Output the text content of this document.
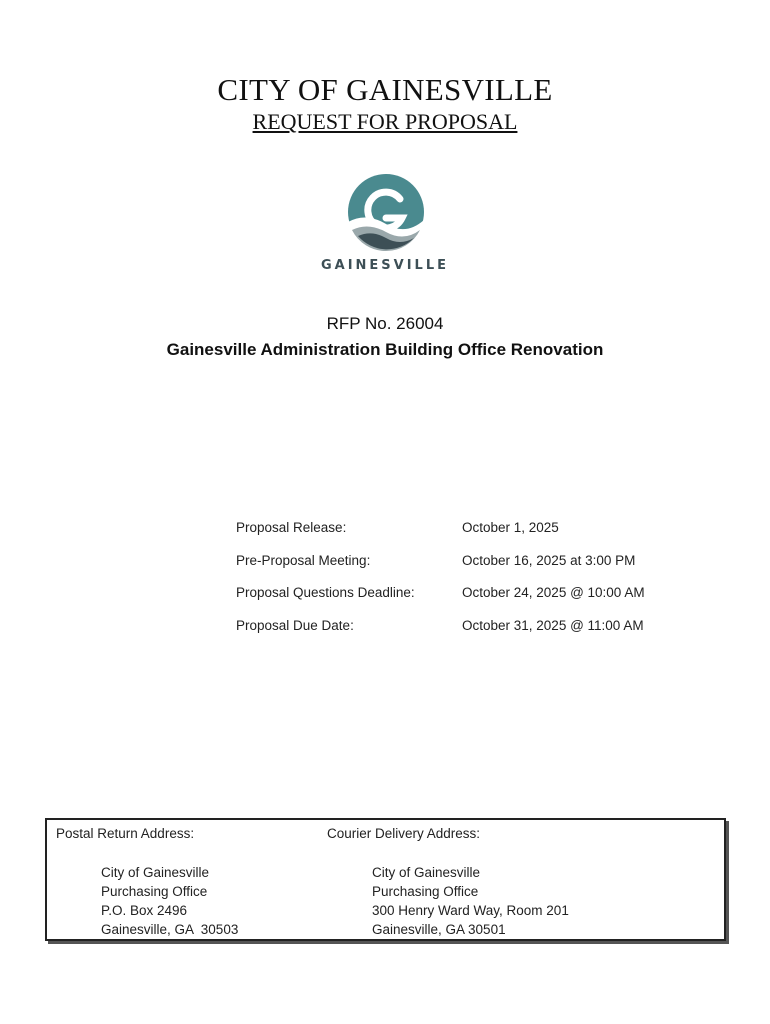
CITY OF GAINESVILLE
REQUEST FOR PROPOSAL
GAINESVILLE
RFP No. 26004
Gainesville Administration Building Office Renovation
Proposal Release:	October 1, 2025
Pre-Proposal Meeting:	October 16, 2025 at 3:00 PM
Proposal Questions Deadline:	October 24, 2025 @ 10:00 AM
Proposal Due Date:	October 31, 2025 @ 11:00 AM
Postal Return Address:
City of Gainesville
Purchasing Office
P.O. Box 2496
Gainesville, GA  30503
Courier Delivery Address:
City of Gainesville
Purchasing Office
300 Henry Ward Way, Room 201
Gainesville, GA 30501
